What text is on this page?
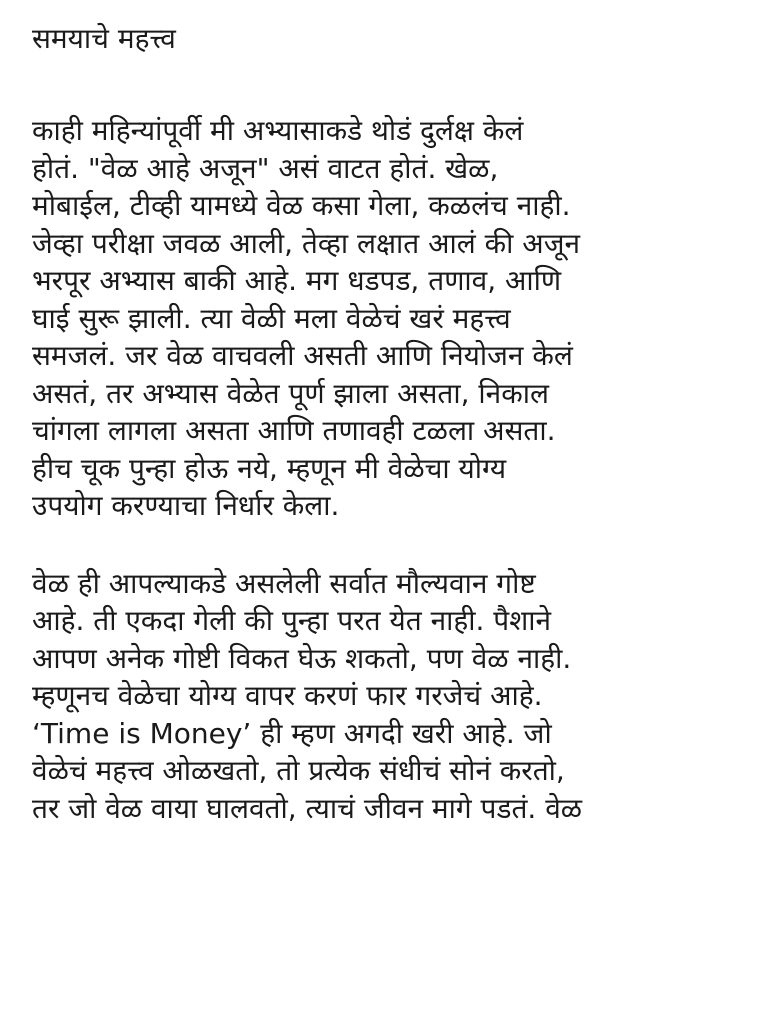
समयाचे महत्त्व
काही महिन्यांपूर्वी मी अभ्यासाकडे थोडं दुर्लक्ष केलं
होतं. "वेळ आहे अजून" असं वाटत होतं. खेळ,
मोबाईल, टीव्ही यामध्ये वेळ कसा गेला, कळलंच नाही.
जेव्हा परीक्षा जवळ आली, तेव्हा लक्षात आलं की अजून
भरपूर अभ्यास बाकी आहे. मग धडपड, तणाव, आणि
घाई सुरू झाली. त्या वेळी मला वेळेचं खरं महत्त्व
समजलं. जर वेळ वाचवली असती आणि नियोजन केलं
असतं, तर अभ्यास वेळेत पूर्ण झाला असता, निकाल
चांगला लागला असता आणि तणावही टळला असता.
हीच चूक पुन्हा होऊ नये, म्हणून मी वेळेचा योग्य
उपयोग करण्याचा निर्धार केला.
वेळ ही आपल्याकडे असलेली सर्वात मौल्यवान गोष्ट
आहे. ती एकदा गेली की पुन्हा परत येत नाही. पैशाने
आपण अनेक गोष्टी विकत घेऊ शकतो, पण वेळ नाही.
म्हणूनच वेळेचा योग्य वापर करणं फार गरजेचं आहे.
‘Time is Money’ ही म्हण अगदी खरी आहे. जो
वेळेचं महत्त्व ओळखतो, तो प्रत्येक संधीचं सोनं करतो,
तर जो वेळ वाया घालवतो, त्याचं जीवन मागे पडतं. वेळ
